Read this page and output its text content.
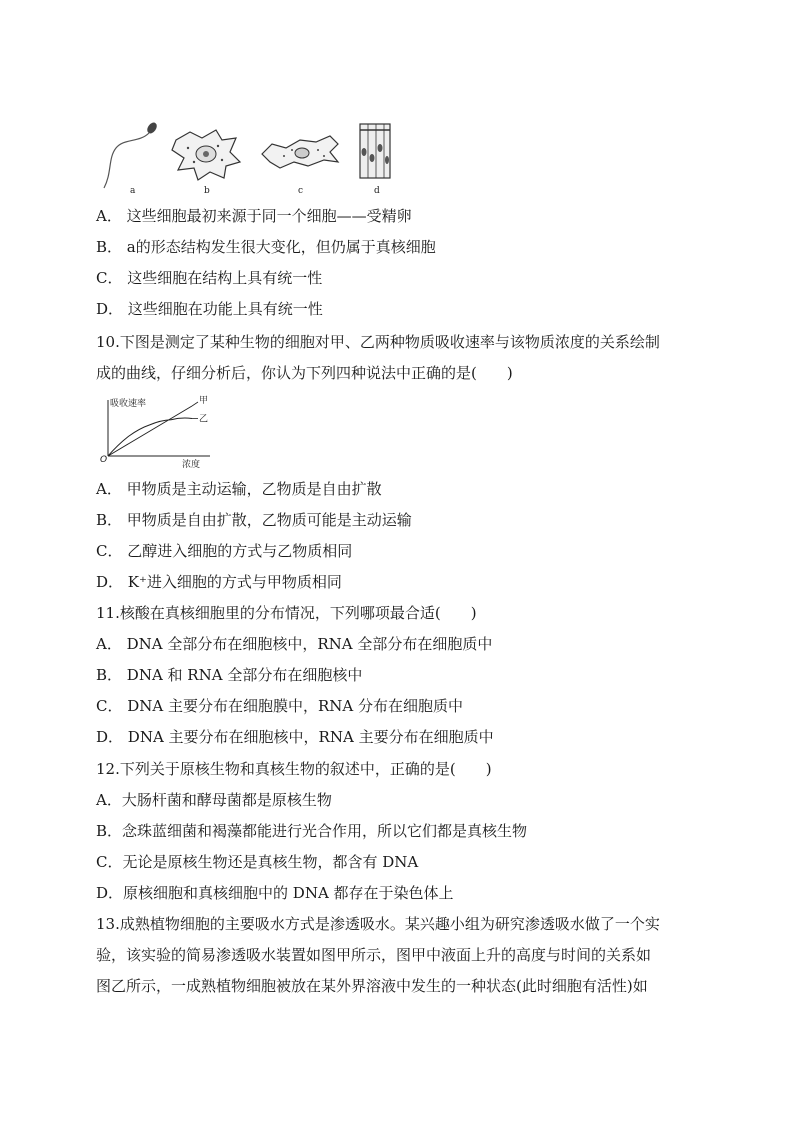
a	b	c	d
A． 这些细胞最初来源于同一个细胞——受精卵
B． a的形态结构发生很大变化，但仍属于真核细胞
C． 这些细胞在结构上具有统一性
D． 这些细胞在功能上具有统一性
10.下图是测定了某种生物的细胞对甲、乙两种物质吸收速率与该物质浓度的关系绘制
成的曲线，仔细分析后，你认为下列四种说法中正确的是(　　)
吸收速率
浓度
O
甲
乙
A． 甲物质是主动运输，乙物质是自由扩散
B． 甲物质是自由扩散，乙物质可能是主动运输
C． 乙醇进入细胞的方式与乙物质相同
D． K⁺进入细胞的方式与甲物质相同
11.核酸在真核细胞里的分布情况，下列哪项最合适(　　)
A． DNA 全部分布在细胞核中，RNA 全部分布在细胞质中
B． DNA 和 RNA 全部分布在细胞核中
C． DNA 主要分布在细胞膜中，RNA 分布在细胞质中
D． DNA 主要分布在细胞核中，RNA 主要分布在细胞质中
12.下列关于原核生物和真核生物的叙述中，正确的是(　　)
A．大肠杆菌和酵母菌都是原核生物
B．念珠蓝细菌和褐藻都能进行光合作用，所以它们都是真核生物
C．无论是原核生物还是真核生物，都含有 DNA
D．原核细胞和真核细胞中的 DNA 都存在于染色体上
13.成熟植物细胞的主要吸水方式是渗透吸水。某兴趣小组为研究渗透吸水做了一个实
验，该实验的简易渗透吸水装置如图甲所示，图甲中液面上升的高度与时间的关系如
图乙所示，一成熟植物细胞被放在某外界溶液中发生的一种状态(此时细胞有活性)如
